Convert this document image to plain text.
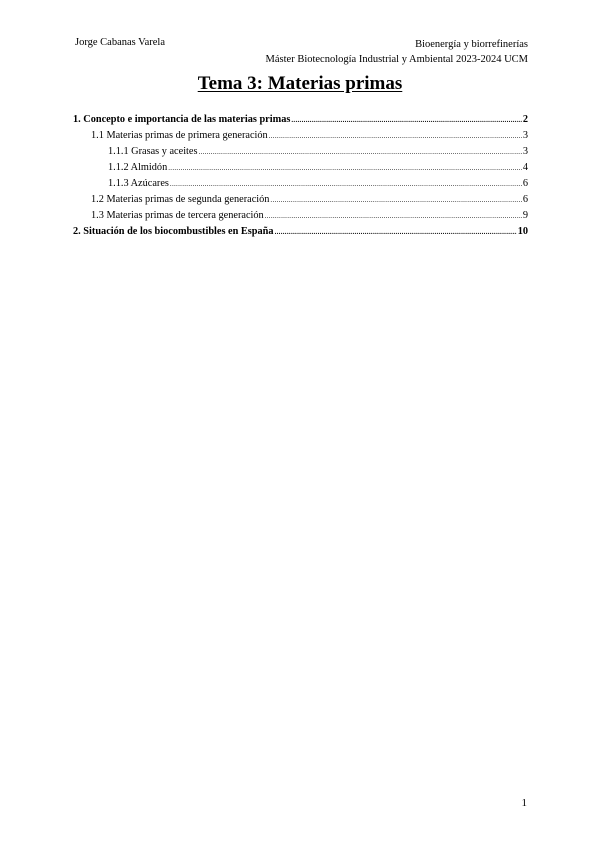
Jorge Cabanas Varela	Bioenergía y biorrefinerías
Máster Biotecnología Industrial y Ambiental 2023-2024 UCM
Tema 3: Materias primas
1. Concepto e importancia de las materias primas .....	2
1.1 Materias primas de primera generación .....	3
1.1.1 Grasas y aceites .....	3
1.1.2 Almidón .....	4
1.1.3 Azúcares .....	6
1.2 Materias primas de segunda generación .....	6
1.3 Materias primas de tercera generación .....	9
2. Situación de los biocombustibles en España .....	10
1
